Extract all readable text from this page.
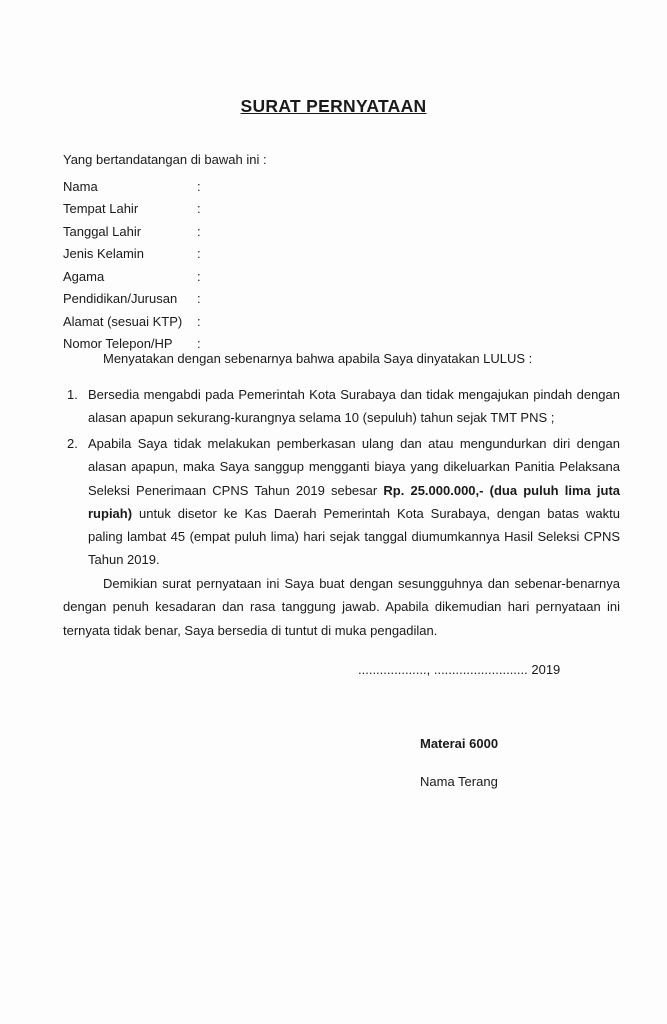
SURAT PERNYATAAN
Yang bertandatangan di bawah ini :
Nama	:
Tempat Lahir	:
Tanggal Lahir	:
Jenis Kelamin	:
Agama	:
Pendidikan/Jurusan	:
Alamat (sesuai KTP)	:
Nomor Telepon/HP	:
Menyatakan dengan sebenarnya bahwa apabila Saya dinyatakan LULUS :
1. Bersedia mengabdi pada Pemerintah Kota Surabaya dan tidak mengajukan pindah dengan alasan apapun sekurang-kurangnya selama 10 (sepuluh) tahun sejak TMT PNS ;
2. Apabila Saya tidak melakukan pemberkasan ulang dan atau mengundurkan diri dengan alasan apapun, maka Saya sanggup mengganti biaya yang dikeluarkan Panitia Pelaksana Seleksi Penerimaan CPNS Tahun 2019 sebesar Rp. 25.000.000,- (dua puluh lima juta rupiah) untuk disetor ke Kas Daerah Pemerintah Kota Surabaya, dengan batas waktu paling lambat 45 (empat puluh lima) hari sejak tanggal diumumkannya Hasil Seleksi CPNS Tahun 2019.
Demikian surat pernyataan ini Saya buat dengan sesungguhnya dan sebenar-benarnya dengan penuh kesadaran dan rasa tanggung jawab. Apabila dikemudian hari pernyataan ini ternyata tidak benar, Saya bersedia di tuntut di muka pengadilan.
..................., .......................... 2019
Materai 6000
Nama Terang
